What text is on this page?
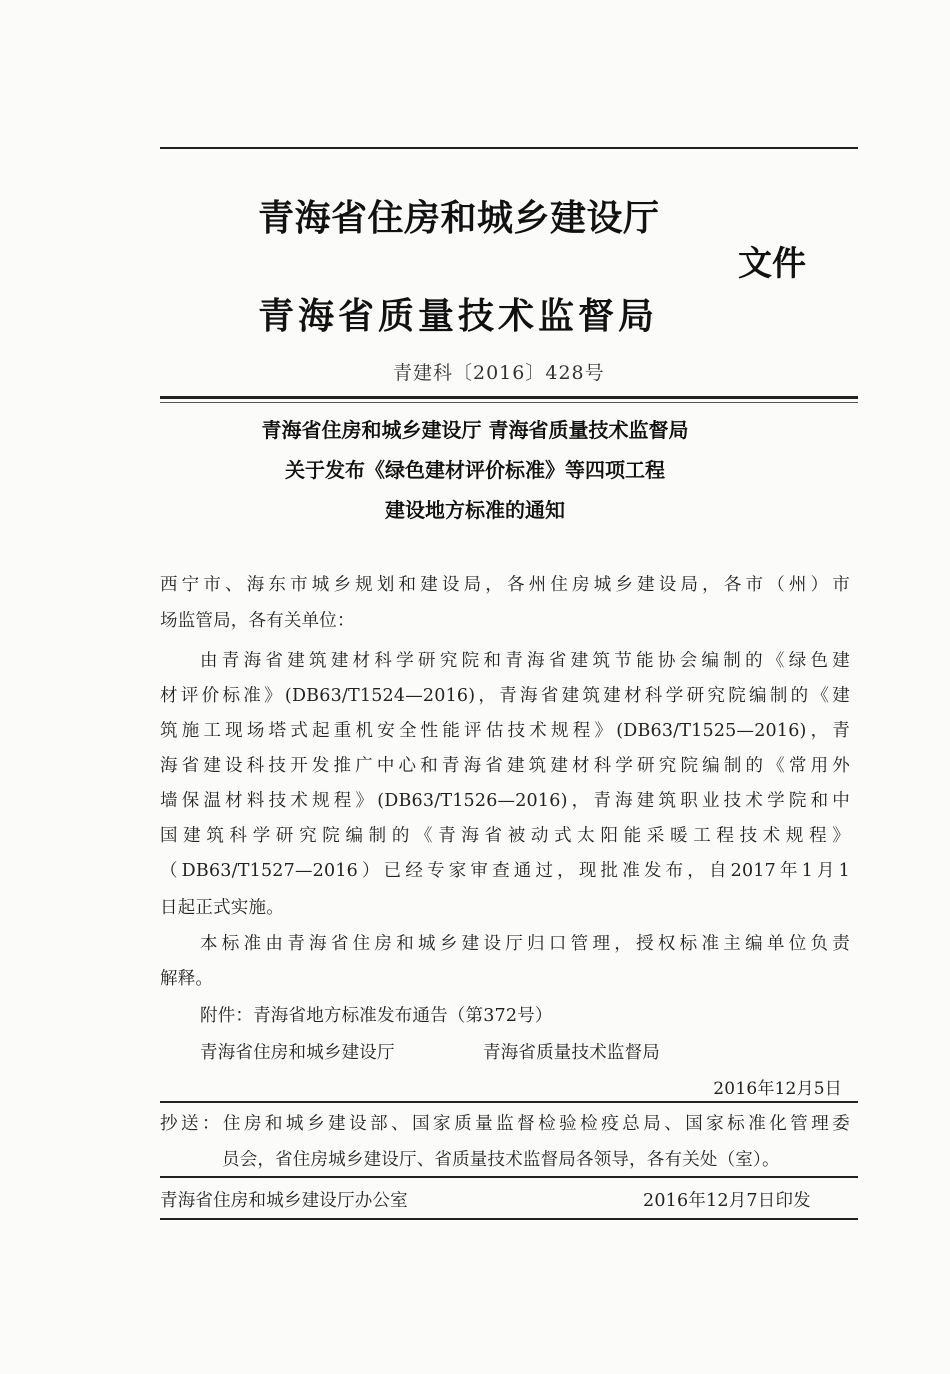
青海省住房和城乡建设厅
文件
青海省质量技术监督局
青建科〔2016〕428号
青海省住房和城乡建设厅 青海省质量技术监督局
关于发布《绿色建材评价标准》等四项工程
建设地方标准的通知
西宁市、海东市城乡规划和建设局，各州住房城乡建设局，各市（州）市
场监管局，各有关单位：
由青海省建筑建材科学研究院和青海省建筑节能协会编制的《绿色建
材评价标准》(DB63/T1524—2016)，青海省建筑建材科学研究院编制的《建
筑施工现场塔式起重机安全性能评估技术规程》(DB63/T1525—2016)，青
海省建设科技开发推广中心和青海省建筑建材科学研究院编制的《常用外
墙保温材料技术规程》(DB63/T1526—2016)，青海建筑职业技术学院和中
国建筑科学研究院编制的《青海省被动式太阳能采暖工程技术规程》
（DB63/T1527—2016）已经专家审查通过，现批准发布，自2017年1月1
日起正式实施。
本标准由青海省住房和城乡建设厅归口管理，授权标准主编单位负责
解释。
附件：青海省地方标准发布通告（第372号）
青海省住房和城乡建设厅	青海省质量技术监督局
2016年12月5日
抄送：住房和城乡建设部、国家质量监督检验检疫总局、国家标准化管理委
员会，省住房城乡建设厅、省质量技术监督局各领导，各有关处（室）。
青海省住房和城乡建设厅办公室	2016年12月7日印发
